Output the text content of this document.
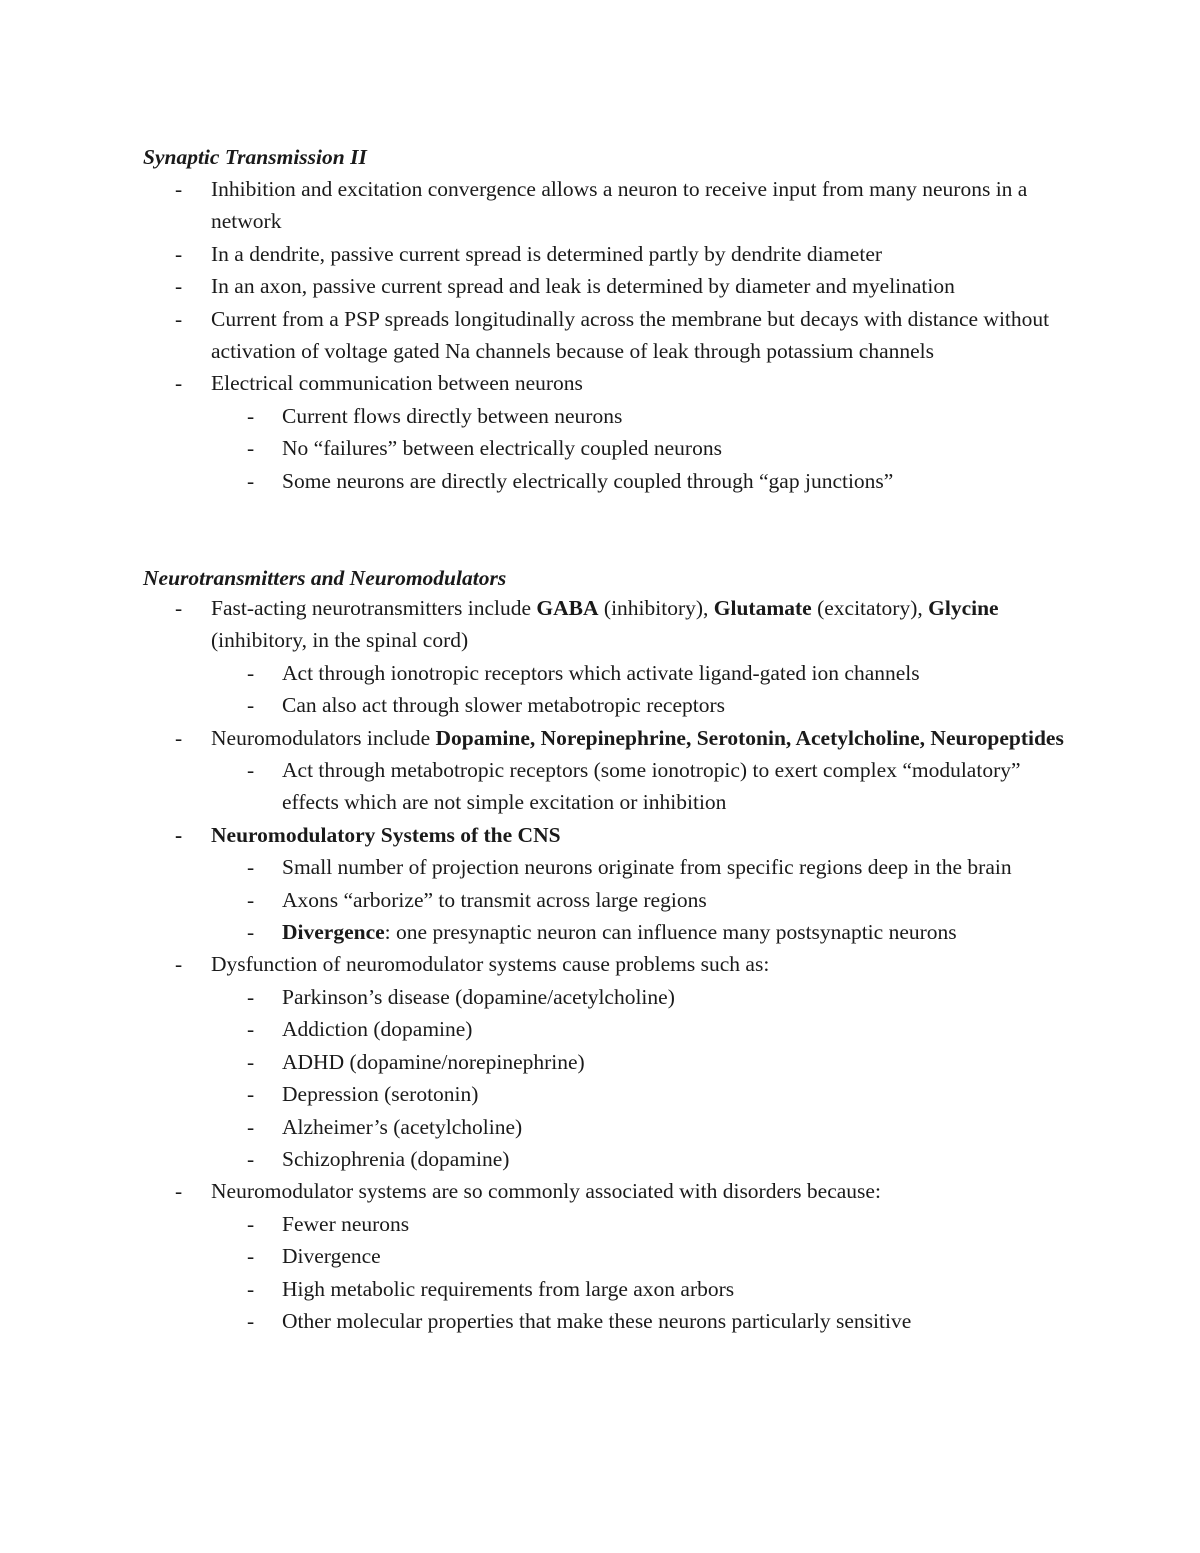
Synaptic Transmission II
- Inhibition and excitation convergence allows a neuron to receive input from many neurons in a network
- In a dendrite, passive current spread is determined partly by dendrite diameter
- In an axon, passive current spread and leak is determined by diameter and myelination
- Current from a PSP spreads longitudinally across the membrane but decays with distance without activation of voltage gated Na channels because of leak through potassium channels
- Electrical communication between neurons
- Current flows directly between neurons
- No “failures” between electrically coupled neurons
- Some neurons are directly electrically coupled through “gap junctions”
Neurotransmitters and Neuromodulators
- Fast-acting neurotransmitters include GABA (inhibitory), Glutamate (excitatory), Glycine (inhibitory, in the spinal cord)
- Act through ionotropic receptors which activate ligand-gated ion channels
- Can also act through slower metabotropic receptors
- Neuromodulators include Dopamine, Norepinephrine, Serotonin, Acetylcholine, Neuropeptides
- Act through metabotropic receptors (some ionotropic) to exert complex “modulatory” effects which are not simple excitation or inhibition
- Neuromodulatory Systems of the CNS
- Small number of projection neurons originate from specific regions deep in the brain
- Axons “arborize” to transmit across large regions
- Divergence: one presynaptic neuron can influence many postsynaptic neurons
- Dysfunction of neuromodulator systems cause problems such as:
- Parkinson’s disease (dopamine/acetylcholine)
- Addiction (dopamine)
- ADHD (dopamine/norepinephrine)
- Depression (serotonin)
- Alzheimer’s (acetylcholine)
- Schizophrenia (dopamine)
- Neuromodulator systems are so commonly associated with disorders because:
- Fewer neurons
- Divergence
- High metabolic requirements from large axon arbors
- Other molecular properties that make these neurons particularly sensitive
